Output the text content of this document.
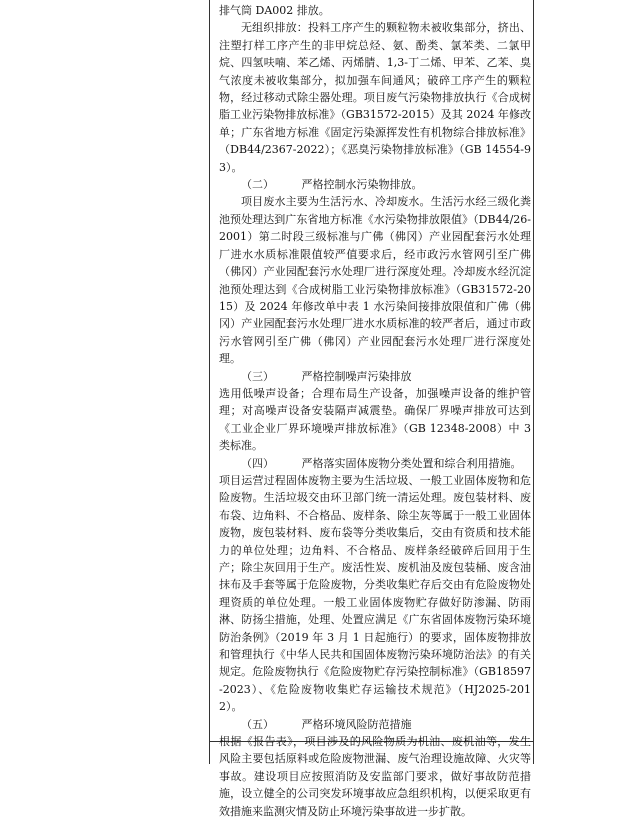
排气筒 DA002 排放。

无组织排放：投料工序产生的颗粒物未被收集部分，挤出、注塑打样工序产生的非甲烷总烃、氨、酚类、氯苯类、二氯甲烷、四氢呋喃、苯乙烯、丙烯腈、1,3-丁二烯、甲苯、乙苯、臭气浓度未被收集部分，拟加强车间通风；破碎工序产生的颗粒物，经过移动式除尘器处理。项目废气污染物排放执行《合成树脂工业污染物排放标准》（GB31572-2015）及其 2024 年修改单；广东省地方标准《固定污染源挥发性有机物综合排放标准》（DB44/2367-2022）；《恶臭污染物排放标准》（GB 14554-93）。

（二）	严格控制水污染物排放。

项目废水主要为生活污水、冷却废水。生活污水经三级化粪池预处理达到广东省地方标准《水污染物排放限值》（DB44/26-2001）第二时段三级标准与广佛（佛冈）产业园配套污水处理厂进水水质标准限值较严值要求后，经市政污水管网引至广佛（佛冈）产业园配套污水处理厂进行深度处理。冷却废水经沉淀池预处理达到《合成树脂工业污染物排放标准》（GB31572-2015）及 2024 年修改单中表 1 水污染间接排放限值和广佛（佛冈）产业园配套污水处理厂进水水质标准的较严者后，通过市政污水管网引至广佛（佛冈）产业园配套污水处理厂进行深度处理。

（三）	严格控制噪声污染排放

选用低噪声设备；合理布局生产设备，加强噪声设备的维护管理；对高噪声设备安装隔声减震垫。确保厂界噪声排放可达到《工业企业厂界环境噪声排放标准》（GB 12348-2008）中 3 类标准。

（四）	严格落实固体废物分类处置和综合利用措施。

项目运营过程固体废物主要为生活垃圾、一般工业固体废物和危险废物。生活垃圾交由环卫部门统一清运处理。废包装材料、废布袋、边角料、不合格品、废样条、除尘灰等属于一般工业固体废物，废包装材料、废布袋等分类收集后，交由有资质和技术能力的单位处理；边角料、不合格品、废样条经破碎后回用于生产；除尘灰回用于生产。废活性炭、废机油及废包装桶、废含油抹布及手套等属于危险废物，分类收集贮存后交由有危险废物处理资质的单位处理。一般工业固体废物贮存做好防渗漏、防雨淋、防扬尘措施，处理、处置应满足《广东省固体废物污染环境防治条例》（2019 年 3 月 1 日起施行）的要求，固体废物排放和管理执行《中华人民共和国固体废物污染环境防治法》的有关规定。危险废物执行《危险废物贮存污染控制标准》（GB18597-2023）、《危险废物收集贮存运输技术规范》（HJ2025-2012）。

（五）	严格环境风险防范措施

根据《报告表》，项目涉及的风险物质为机油、废机油等，发生风险主要包括原料或危险废物泄漏、废气治理设施故障、火灾等事故。建设项目应按照消防及安监部门要求，做好事故防范措施，设立健全的公司突发环境事故应急组织机构，以便采取更有效措施来监测灾情及防止环境污染事故进一步扩散。
